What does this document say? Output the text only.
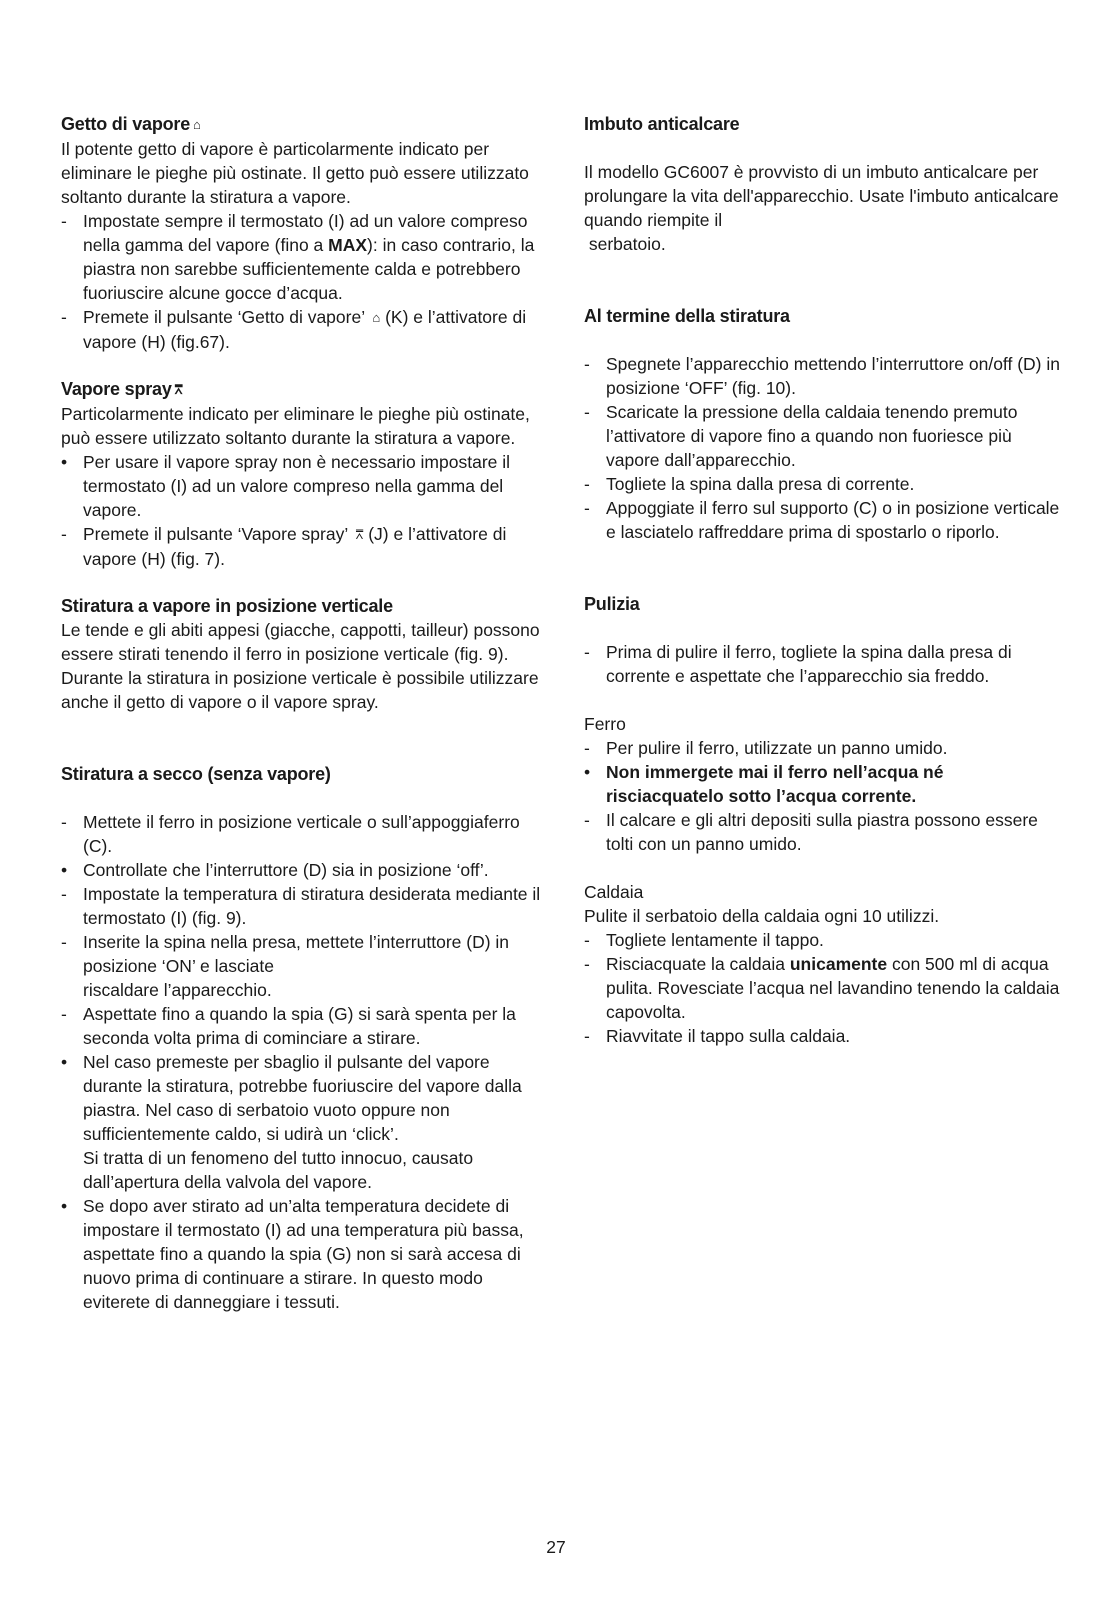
Getto di vapore ⌂

Il potente getto di vapore è particolarmente indicato per eliminare le pieghe più ostinate. Il getto può essere utilizzato soltanto durante la stiratura a vapore.

- Impostate sempre il termostato (I) ad un valore compreso nella gamma del vapore (fino a MAX): in caso contrario, la piastra non sarebbe sufficientemente calda e potrebbero fuoriuscire alcune gocce d’acqua.
- Premete il pulsante ‘Getto di vapore’ ⌂ (K) e l’attivatore di vapore (H) (fig.67).

Vapore spray ⩞

Particolarmente indicato per eliminare le pieghe più ostinate, può essere utilizzato soltanto durante la stiratura a vapore.

• Per usare il vapore spray non è necessario impostare il termostato (I) ad un valore compreso nella gamma del vapore.
- Premete il pulsante ‘Vapore spray’ ⩞ (J) e l’attivatore di vapore (H) (fig. 7).

Stiratura a vapore in posizione verticale

Le tende e gli abiti appesi (giacche, cappotti, tailleur) possono essere stirati tenendo il ferro in posizione verticale (fig. 9). Durante la stiratura in posizione verticale è possibile utilizzare anche il getto di vapore o il vapore spray.

Stiratura a secco (senza vapore)

- Mettete il ferro in posizione verticale o sull’appoggiaferro (C).
• Controllate che l’interruttore (D) sia in posizione ‘off’.
- Impostate la temperatura di stiratura desiderata mediante il termostato (I) (fig. 9).
- Inserite la spina nella presa, mettete l’interruttore (D) in posizione ‘ON’ e lasciate
riscaldare l’apparecchio.
- Aspettate fino a quando la spia (G) si sarà spenta per la seconda volta prima di cominciare a stirare.
• Nel caso premeste per sbaglio il pulsante del vapore durante la stiratura, potrebbe fuoriuscire del vapore dalla piastra. Nel caso di serbatoio vuoto oppure non sufficientemente caldo, si udirà un ‘click’.
Si tratta di un fenomeno del tutto innocuo, causato dall’apertura della valvola del vapore.
• Se dopo aver stirato ad un’alta temperatura decidete di impostare il termostato (I) ad una temperatura più bassa, aspettate fino a quando la spia (G) non si sarà accesa di nuovo prima di continuare a stirare. In questo modo eviterete di danneggiare i tessuti.

Imbuto anticalcare

Il modello GC6007 è provvisto di un imbuto anticalcare per prolungare la vita dell'apparecchio. Usate l'imbuto anticalcare quando riempite il
serbatoio.

Al termine della stiratura

- Spegnete l’apparecchio mettendo l’interruttore on/off (D) in posizione ‘OFF’ (fig. 10).
- Scaricate la pressione della caldaia tenendo premuto l’attivatore di vapore fino a quando non fuoriesce più vapore dall’apparecchio.
- Togliete la spina dalla presa di corrente.
- Appoggiate il ferro sul supporto (C) o in posizione verticale e lasciatelo raffreddare prima di spostarlo o riporlo.

Pulizia

- Prima di pulire il ferro, togliete la spina dalla presa di corrente e aspettate che l’apparecchio sia freddo.

Ferro

- Per pulire il ferro, utilizzate un panno umido.
• Non immergete mai il ferro nell’acqua né risciacquatelo sotto l’acqua corrente.
- Il calcare e gli altri depositi sulla piastra possono essere tolti con un panno umido.

Caldaia

Pulite il serbatoio della caldaia ogni 10 utilizzi.

- Togliete lentamente il tappo.
- Risciacquate la caldaia unicamente con 500 ml di acqua pulita. Rovesciate l’acqua nel lavandino tenendo la caldaia capovolta.
- Riavvitate il tappo sulla caldaia.
27
